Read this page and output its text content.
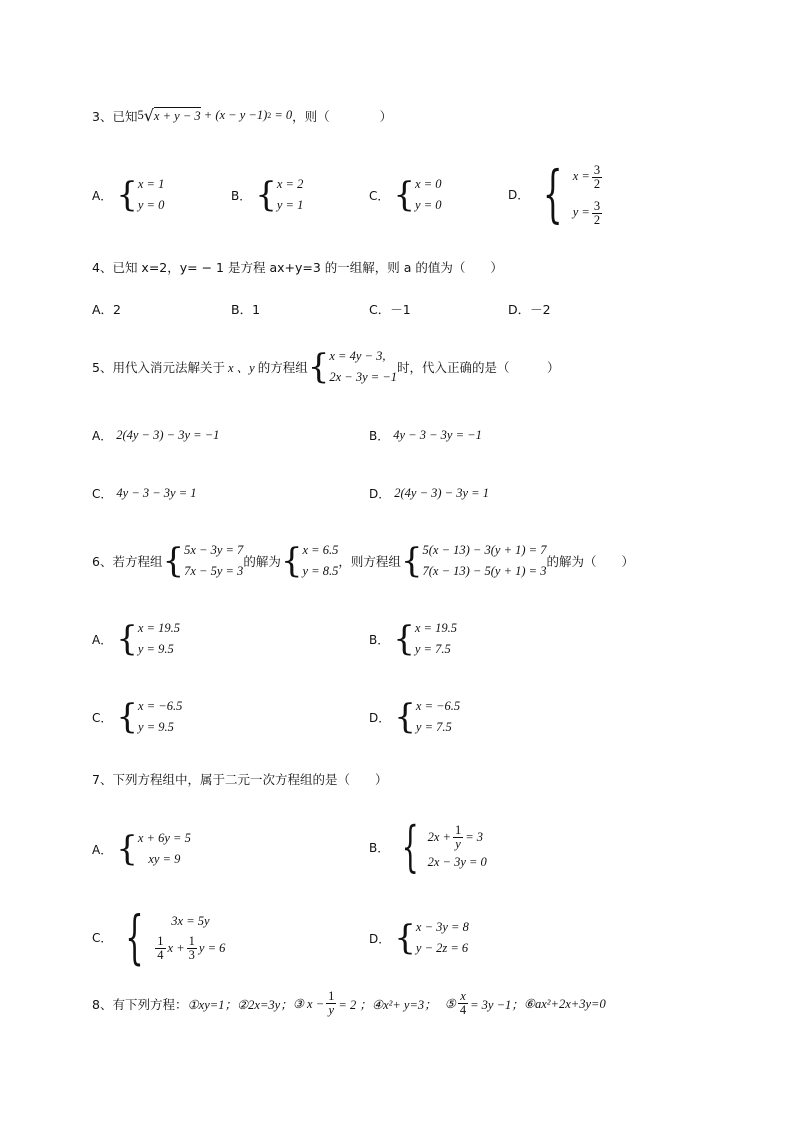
3、已知 5 √ x + y − 3 + (x − y −1) 2 = 0 ，则（　　　　）
A． { x = 1
y = 0
B． { x = 2
y = 1
C． { x = 0
y = 0
D． { $x = \frac{3}{2}$
$y = \frac{3}{2}$
4、已知 x=2，y= − 1 是方程 ax+y=3 的一组解，则 a 的值为（　　）
A．2	B．1	C．－1	D．－2
5、用代入消元法解关于 x 、y 的方程组 { x = 4y − 3,
2x − 3y = −1
时，代入正确的是（　　　）
A． 2(4y − 3) − 3y = −1	B． 4y − 3 − 3y = −1
C． 4y − 3 − 3y = 1	D． 2(4y − 3) − 3y = 1
6、若方程组 { 5x − 3y = 7
7x − 5y = 3
的解为 { x = 6.5
y = 8.5
，则方程组 { 5(x − 13) − 3(y + 1) = 7
7(x − 13) − 5(y + 1) = 3
的解为（　　）
A． { x = 19.5
y = 9.5
B． { x = 19.5
y = 7.5
C． { x = −6.5
y = 9.5
D． { x = −6.5
y = 7.5
7、下列方程组中，属于二元一次方程组的是（　　）
A． { x + 6y = 5
xy = 9
B． { $2x + \frac{1}{y} = 3$
2x − 3y = 0
C． {	3x = 5y
$\frac{1}{4}$ $x + \frac{1}{3}$ y = 6
D． { x − 3y = 8
y − 2z = 6
8、有下列方程： ①xy=1； ②2x=3y； ③ $x - \frac{1}{y} = 2$ ； ④x²+ y=3； ⑤ $\frac{x}{4} = 3y -1$； ⑥ax²+2x+3y=0
